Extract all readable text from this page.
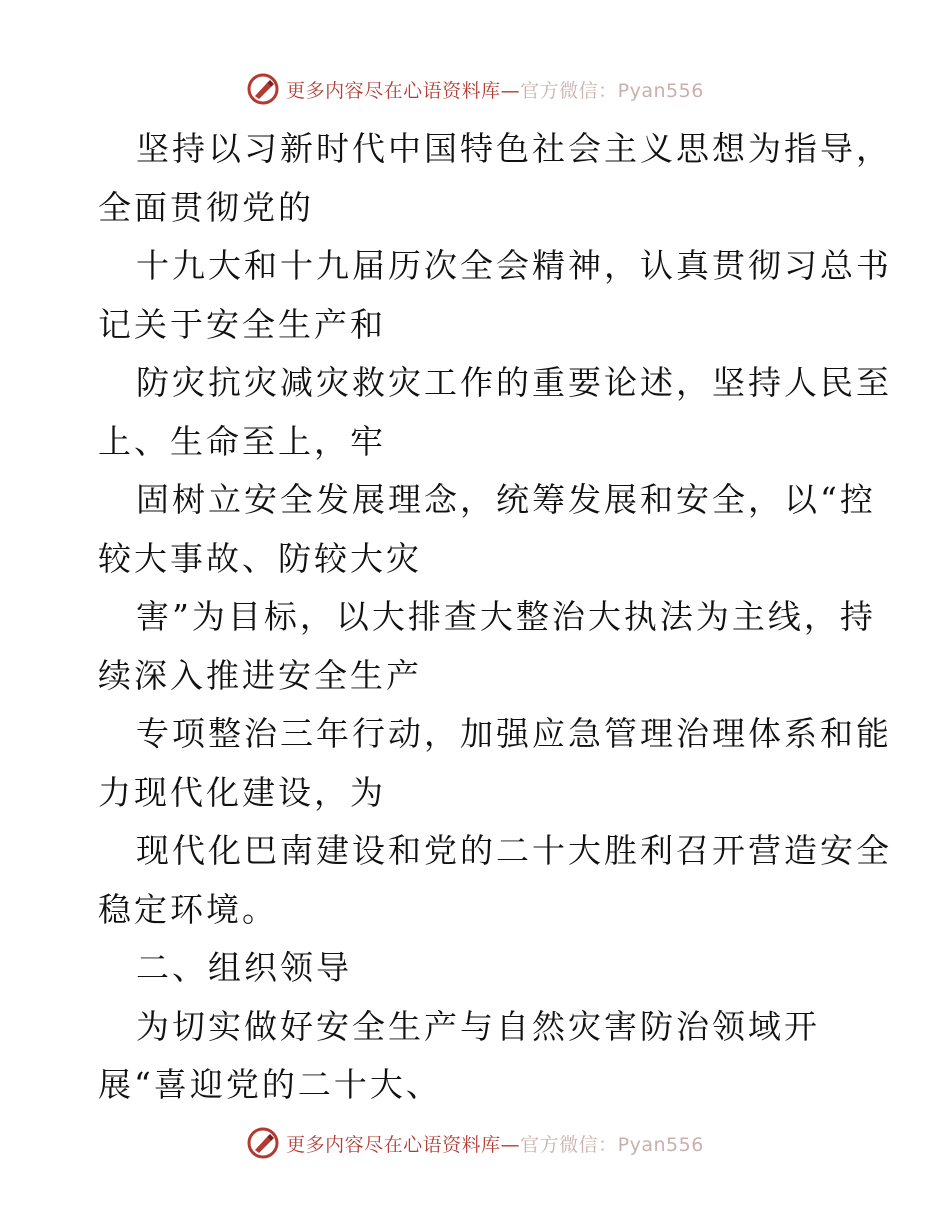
更多内容尽在心语资料库—官方微信：Pyan556
坚持以习新时代中国特色社会主义思想为指导，
全面贯彻党的
十九大和十九届历次全会精神，认真贯彻习总书
记关于安全生产和
防灾抗灾减灾救灾工作的重要论述，坚持人民至
上、生命至上，牢
固树立安全发展理念，统筹发展和安全，以“控
较大事故、防较大灾
害”为目标，以大排查大整治大执法为主线，持
续深入推进安全生产
专项整治三年行动，加强应急管理治理体系和能
力现代化建设，为
现代化巴南建设和党的二十大胜利召开营造安全
稳定环境。
二、组织领导
为切实做好安全生产与自然灾害防治领域开
展“喜迎党的二十大、
更多内容尽在心语资料库—官方微信：Pyan556
